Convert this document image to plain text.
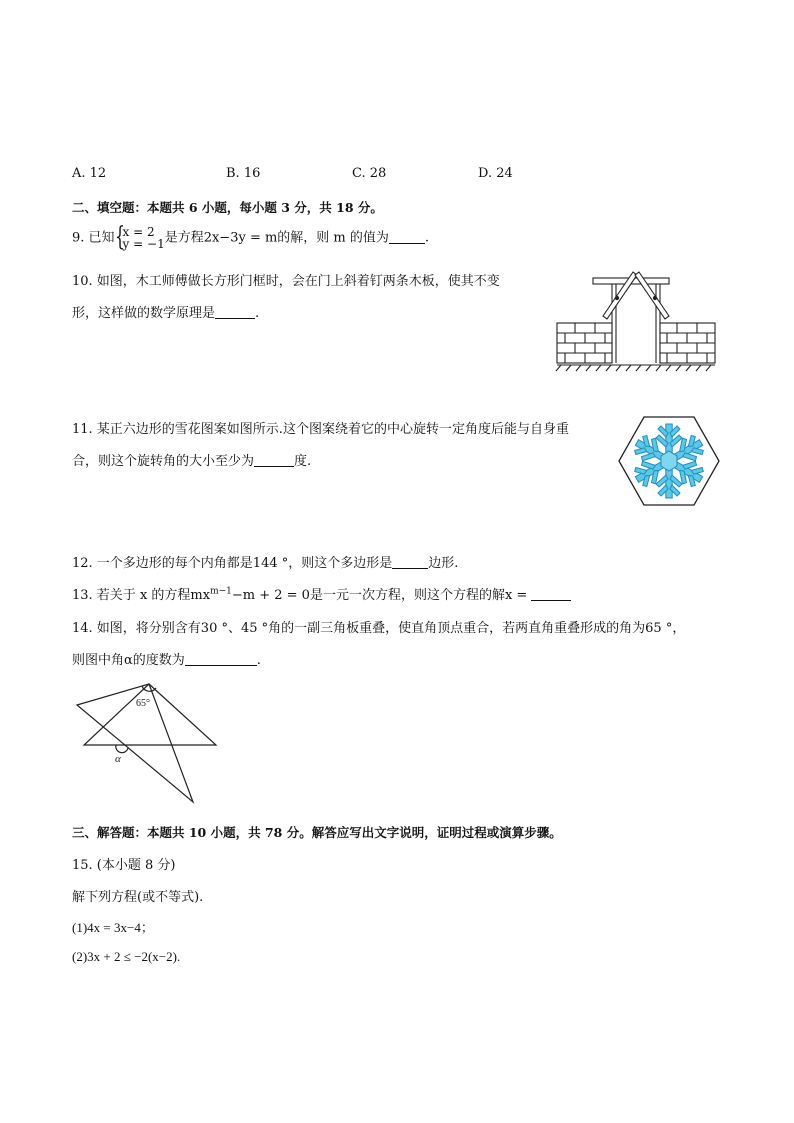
A. 12	B. 16	C. 28	D. 24
二、填空题：本题共 6 小题，每小题 3 分，共 18 分。
9. 已知 {
x = 2
y = −1 是方程2x−3y = m的解，则 m 的值为	.
10. 如图，木工师傅做长方形门框时，会在门上斜着钉两条木板，使其不变
形，这样做的数学原理是	.
11. 某正六边形的雪花图案如图所示.这个图案绕着它的中心旋转一定角度后能与自身重
合，则这个旋转角的大小至少为	度.
12. 一个多边形的每个内角都是144 °，则这个多边形是	边形.
13. 若关于 x 的方程$mx^{m-1}-m + 2 = 0$是一元一次方程，则这个方程的解x =
14. 如图，将分别含有30 °、45 °角的一副三角板重叠，使直角顶点重合，若两直角重叠形成的角为65 °，
则图中角α的度数为	.
65°
α
三、解答题：本题共 10 小题，共 78 分。解答应写出文字说明，证明过程或演算步骤。
15. (本小题 8 分)
解下列方程(或不等式).
(1)4x = 3x−4；
(2)3x + 2 ≤ −2(x−2).
